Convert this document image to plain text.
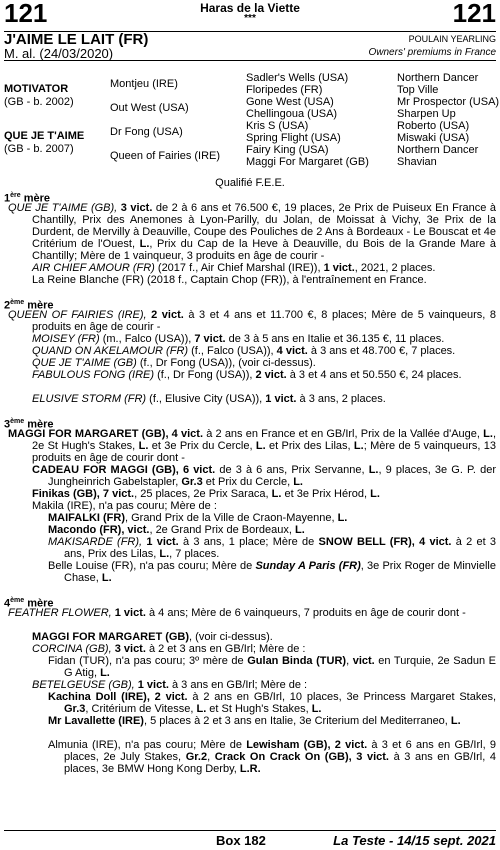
121	121
Haras de la Viette
***
J'AIME LE LAIT (FR)
M. al. (24/03/2020)
POULAIN YEARLING
Owners' premiums in France
MOTIVATOR
(GB - b. 2002)
QUE JE T'AIME
(GB - b. 2007)
Montjeu (IRE)
Out West (USA)
Dr Fong (USA)
Queen of Fairies (IRE)
Sadler's Wells (USA)
Floripedes (FR)
Gone West (USA)
Chellingoua (USA)
Kris S (USA)
Spring Flight (USA)
Fairy King (USA)
Maggi For Margaret (GB)
Northern Dancer
Top Ville
Mr Prospector (USA)
Sharpen Up
Roberto (USA)
Miswaki (USA)
Northern Dancer
Shavian
Qualifié F.E.E.
1ère mère
QUE JE T'AIME (GB), 3 vict. de 2 à 6 ans et 76.500 €, 19 places, 2e Prix de Puiseux En France à Chantilly, Prix des Anemones à Lyon-Parilly, du Jolan, de Moissat à Vichy, 3e Prix de la Durdent, de Mervilly à Deauville, Coupe des Pouliches de 2 Ans à Bordeaux - Le Bouscat et 4e Critérium de l'Ouest, L., Prix du Cap de la Heve à Deauville, du Bois de la Grande Mare à Chantilly; Mère de 1 vainqueur, 3 produits en âge de courir -
AIR CHIEF AMOUR (FR) (2017 f., Air Chief Marshal (IRE)), 1 vict., 2021, 2 places.
La Reine Blanche (FR) (2018 f., Captain Chop (FR)), à l'entraînement en France.
2ème mère
QUEEN OF FAIRIES (IRE), 2 vict. à 3 et 4 ans et 11.700 €, 8 places; Mère de 5 vainqueurs, 8 produits en âge de courir -
MOISEY (FR) (m., Falco (USA)), 7 vict. de 3 à 5 ans en Italie et 36.135 €, 11 places.
QUAND ON AKELAMOUR (FR) (f., Falco (USA)), 4 vict. à 3 ans et 48.700 €, 7 places.
QUE JE T'AIME (GB) (f., Dr Fong (USA)), (voir ci-dessus).
FABULOUS FONG (IRE) (f., Dr Fong (USA)), 2 vict. à 3 et 4 ans et 50.550 €, 24 places.
ELUSIVE STORM (FR) (f., Elusive City (USA)), 1 vict. à 3 ans, 2 places.
3ème mère
MAGGI FOR MARGARET (GB), 4 vict. à 2 ans en France et en GB/Irl, Prix de la Vallée d'Auge, L., 2e St Hugh's Stakes, L. et 3e Prix du Cercle, L. et Prix des Lilas, L.; Mère de 5 vainqueurs, 13 produits en âge de courir dont -
CADEAU FOR MAGGI (GB), 6 vict. de 3 à 6 ans, Prix Servanne, L., 9 places, 3e G. P. der Jungheinrich Gabelstapler, Gr.3 et Prix du Cercle, L.
Finikas (GB), 7 vict., 25 places, 2e Prix Saraca, L. et 3e Prix Hérod, L.
Makila (IRE), n'a pas couru; Mère de :
MAIFALKI (FR), Grand Prix de la Ville de Craon-Mayenne, L.
Macondo (FR), vict., 2e Grand Prix de Bordeaux, L.
MAKISARDE (FR), 1 vict. à 3 ans, 1 place; Mère de SNOW BELL (FR), 4 vict. à 2 et 3 ans, Prix des Lilas, L., 7 places.
Belle Louise (FR), n'a pas couru; Mère de Sunday A Paris (FR), 3e Prix Roger de Minvielle Chase, L.
4ème mère
FEATHER FLOWER, 1 vict. à 4 ans; Mère de 6 vainqueurs, 7 produits en âge de courir dont -
MAGGI FOR MARGARET (GB), (voir ci-dessus).
CORCINA (GB), 3 vict. à 2 et 3 ans en GB/Irl; Mère de :
Fidan (TUR), n'a pas couru; 3º mère de Gulan Binda (TUR), vict. en Turquie, 2e Sadun E G Atig, L.
BETELGEUSE (GB), 1 vict. à 3 ans en GB/Irl; Mère de :
Kachina Doll (IRE), 2 vict. à 2 ans en GB/Irl, 10 places, 3e Princess Margaret Stakes, Gr.3, Critérium de Vitesse, L. et St Hugh's Stakes, L.
Mr Lavallette (IRE), 5 places à 2 et 3 ans en Italie, 3e Criterium del Mediterraneo, L.
Almunia (IRE), n'a pas couru; Mère de Lewisham (GB), 2 vict. à 3 et 6 ans en GB/Irl, 9 places, 2e July Stakes, Gr.2, Crack On Crack On (GB), 3 vict. à 3 ans en GB/Irl, 4 places, 3e BMW Hong Kong Derby, L.R.
Box 182	La Teste - 14/15 sept. 2021
